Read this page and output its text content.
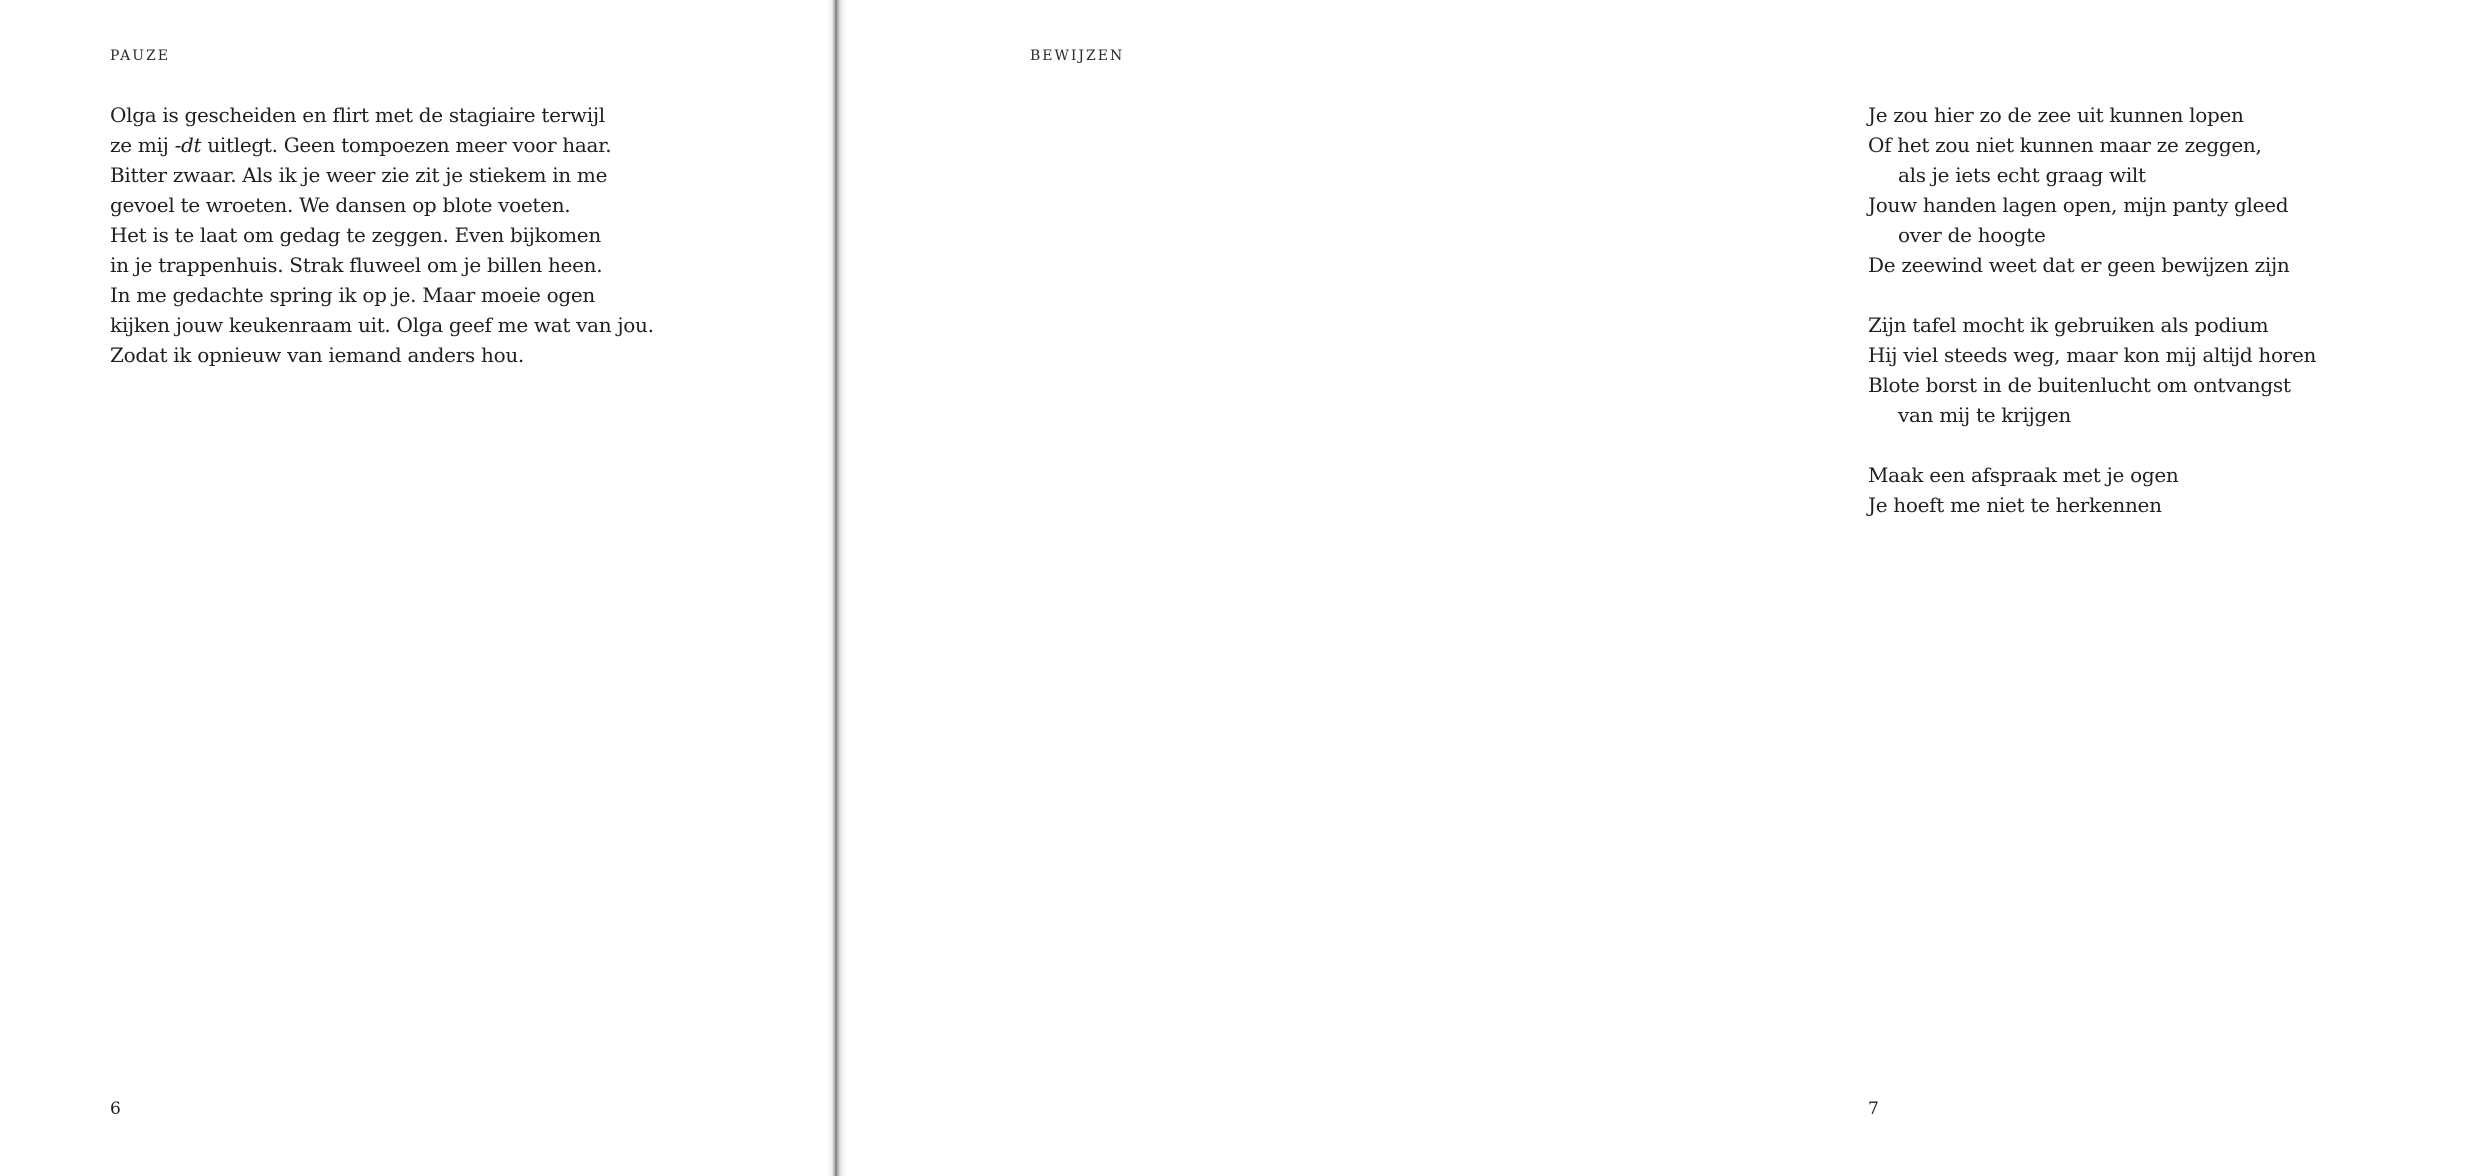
PAUZE
Olga is gescheiden en flirt met de stagiaire terwijl
ze mij -dt uitlegt. Geen tompoezen meer voor haar.
Bitter zwaar. Als ik je weer zie zit je stiekem in me
gevoel te wroeten. We dansen op blote voeten.
Het is te laat om gedag te zeggen. Even bijkomen
in je trappenhuis. Strak fluweel om je billen heen.
In me gedachte spring ik op je. Maar moeie ogen
kijken jouw keukenraam uit. Olga geef me wat van jou.
Zodat ik opnieuw van iemand anders hou.
6
Je zou hier zo de zee uit kunnen lopen
Of het zou niet kunnen maar ze zeggen,
als je iets echt graag wilt
Jouw handen lagen open, mijn panty gleed
over de hoogte
De zeewind weet dat er geen bewijzen zijn
Zijn tafel mocht ik gebruiken als podium
Hij viel steeds weg, maar kon mij altijd horen
Blote borst in de buitenlucht om ontvangst
van mij te krijgen
Maak een afspraak met je ogen
Je hoeft me niet te herkennen
7
BEWIJZEN
